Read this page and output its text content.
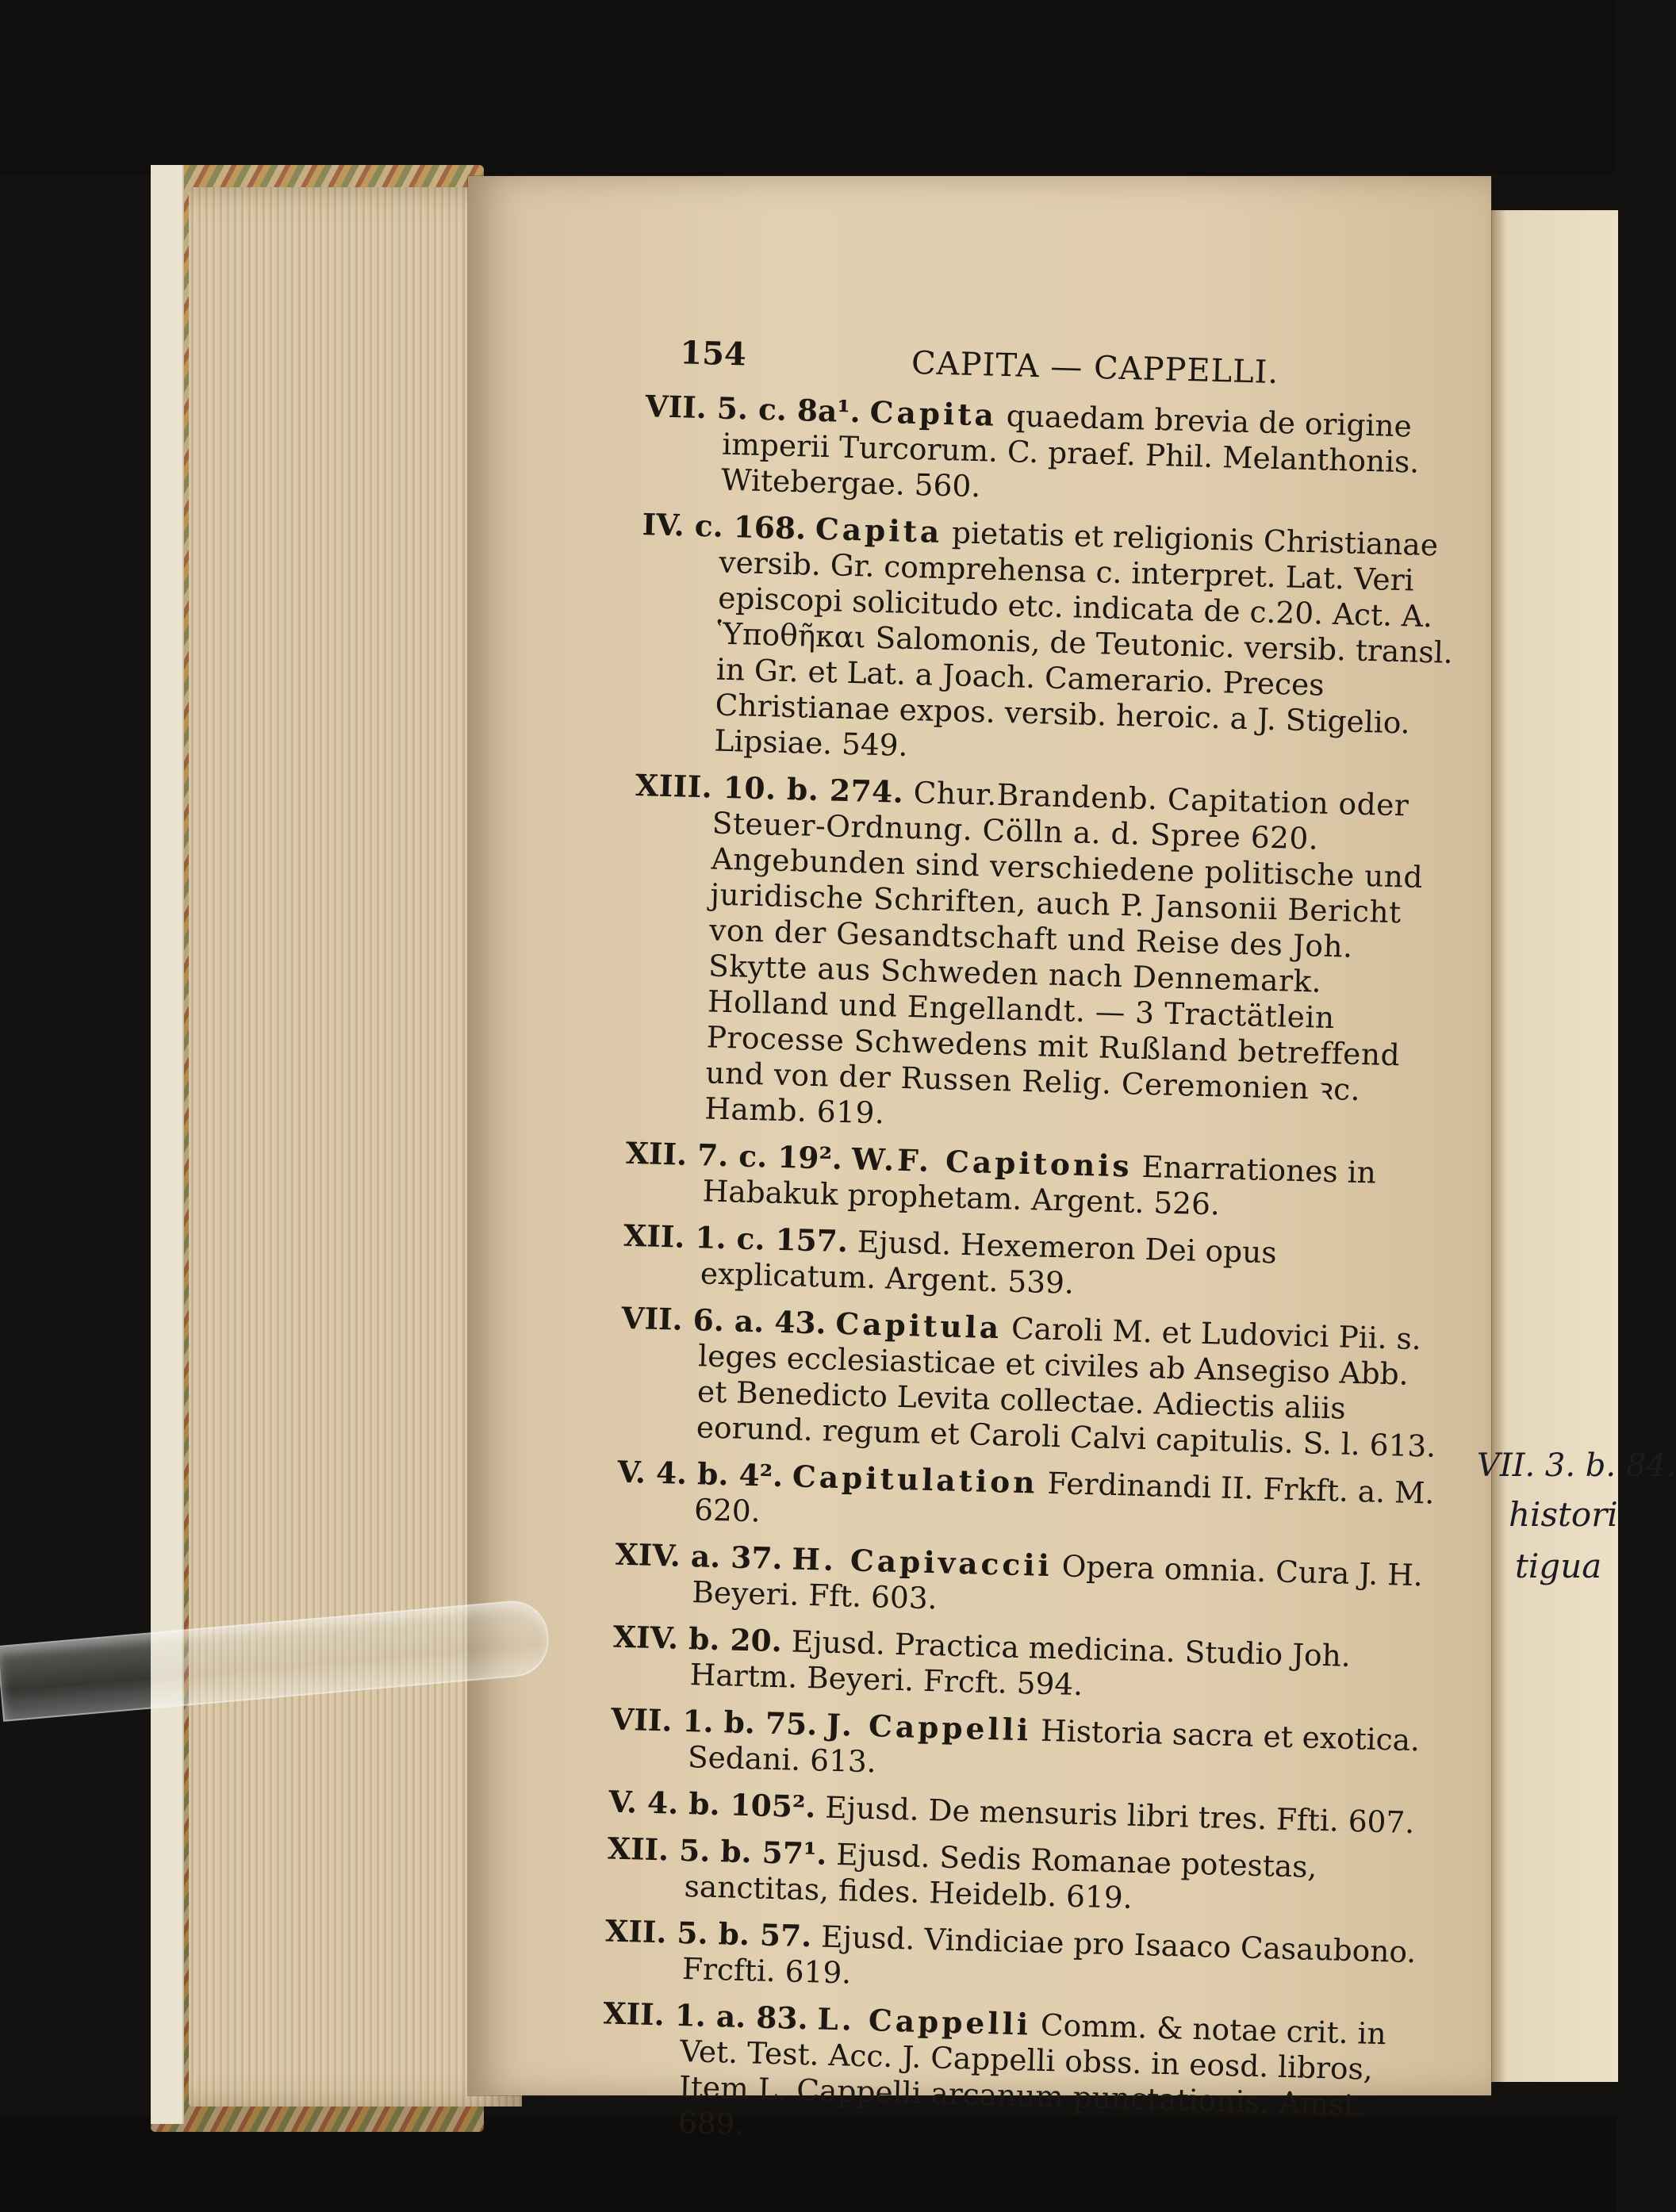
154	CAPITA — CAPPELLI.
VII. 5. c. 8a¹. Capita quaedam brevia de origine imperii Turcorum. C. praef. Phil. Melanthonis. Witebergae. 560.
IV. c. 168. Capita pietatis et religionis Christianae versib. Gr. comprehensa c. interpret. Lat. Veri episcopi solicitudo etc. indicata de c.20. Act. A. Ὑποθῆκαι Salomonis, de Teutonic. versib. transl. in Gr. et Lat. a Joach. Camerario. Preces Christianae expos. versib. heroic. a J. Stigelio. Lipsiae. 549.
XIII. 10. b. 274. Chur.Brandenb. Capitation oder Steuer-Ordnung. Cölln a. d. Spree 620. Angebunden sind verschiedene politische und juridische Schriften, auch P. Jansonii Bericht von der Gesandtschaft und Reise des Joh. Skytte aus Schweden nach Dennemark. Holland und Engellandt. — 3 Tractätlein Processe Schwedens mit Rußland betreffend und von der Russen Relig. Ceremonien ꝛc. Hamb. 619.
XII. 7. c. 19². W.F. Capitonis Enarrationes in Habakuk prophetam. Argent. 526.
XII. 1. c. 157. Ejusd. Hexemeron Dei opus explicatum. Argent. 539.
VII. 6. a. 43. Capitula Caroli M. et Ludovici Pii. s. leges ecclesiasticae et civiles ab Ansegiso Abb. et Benedicto Levita collectae. Adiectis aliis eorund. regum et Caroli Calvi capitulis. S. l. 613.
V. 4. b. 4². Capitulation Ferdinandi II. Frkft. a. M. 620.
XIV. a. 37. H. Capivaccii Opera omnia. Cura J. H. Beyeri. Fft. 603.
XIV. b. 20. Ejusd. Practica medicina. Studio Joh. Hartm. Beyeri. Frcft. 594.
VII. 1. b. 75. J. Cappelli Historia sacra et exotica. Sedani. 613.
V. 4. b. 105². Ejusd. De mensuris libri tres. Ffti. 607.
XII. 5. b. 57¹. Ejusd. Sedis Romanae potestas, sanctitas, fides. Heidelb. 619.
XII. 5. b. 57. Ejusd. Vindiciae pro Isaaco Casaubono. Frcfti. 619.
XII. 1. a. 83. L. Cappelli Comm. & notae crit. in Vet. Test. Acc. J. Cappelli obss. in eosd. libros, Item L. Cappelli arcanum punctationis. Amst. 689.
VII. 3. b. 84.
histori
tigua
